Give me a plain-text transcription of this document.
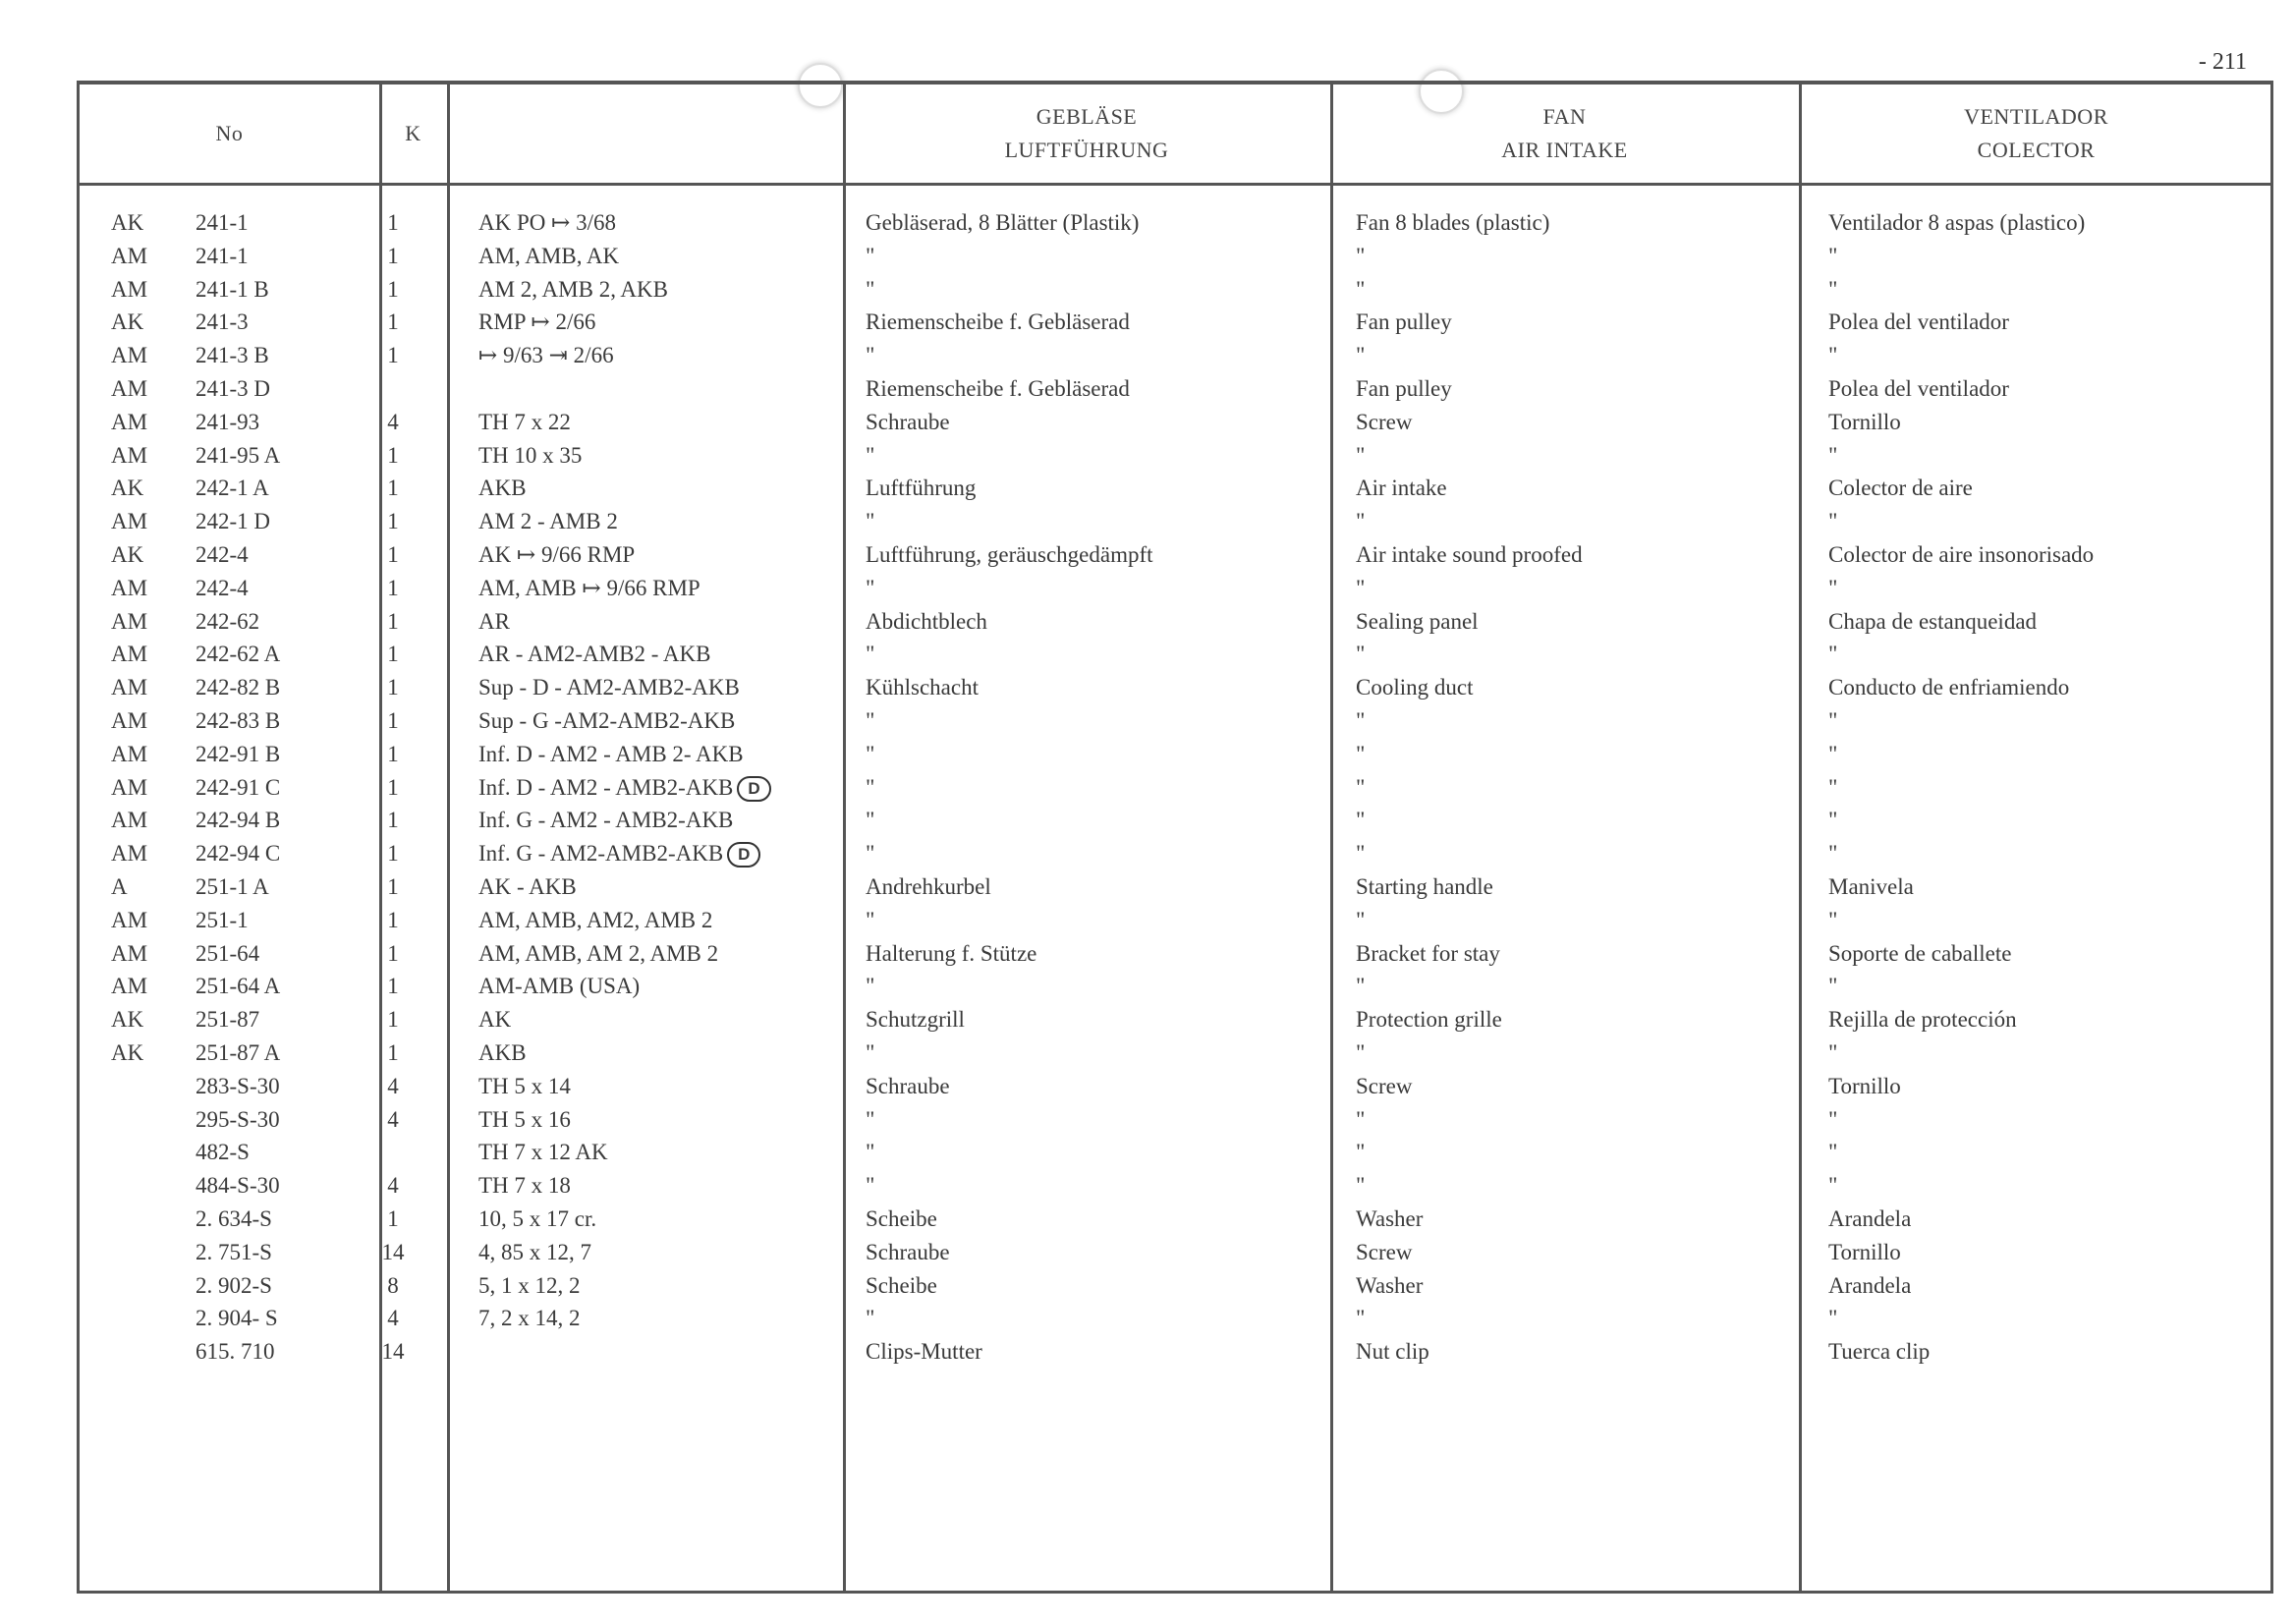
- 211
No	K
GEBLÄSE
LUFTFÜHRUNG
FAN
AIR INTAKE
VENTILADOR
COLECTOR
AK 241-1	1	AK PO ↦ 3/68	Gebläserad, 8 Blätter (Plastik)	Fan 8 blades (plastic)	Ventilador 8 aspas (plastico)
AM 241-1	1	AM, AMB, AK	"	"	"
AM 241-1 B	1	AM 2, AMB 2, AKB	"	"	"
AK 241-3	1	RMP ↦ 2/66	Riemenscheibe f. Gebläserad	Fan pulley	Polea del ventilador
AM 241-3 B	1	↦ 9/63 ⇥ 2/66	"	"	"
AM 241-3 D	Riemenscheibe f. Gebläserad	Fan pulley	Polea del ventilador
AM 241-93	4	TH 7 x 22	Schraube	Screw	Tornillo
AM 241-95 A	1	TH 10 x 35	"	"	"
AK 242-1 A	1	AKB	Luftführung	Air intake	Colector de aire
AM 242-1 D	1	AM 2 - AMB 2	"	"	"
AK 242-4	1	AK ↦ 9/66 RMP	Luftführung, geräuschgedämpft	Air intake sound proofed	Colector de aire insonorisado
AM 242-4	1	AM, AMB ↦ 9/66 RMP	"	"	"
AM 242-62	1	AR	Abdichtblech	Sealing panel	Chapa de estanqueidad
AM 242-62 A	1	AR - AM2-AMB2 - AKB	"	"	"
AM 242-82 B	1	Sup - D - AM2-AMB2-AKB	Kühlschacht	Cooling duct	Conducto de enfriamiendo
AM 242-83 B	1	Sup - G -AM2-AMB2-AKB	"	"	"
AM 242-91 B	1	Inf. D - AM2 - AMB 2- AKB	"	"	"
AM 242-91 C	1	Inf. D - AM2 - AMB2-AKB D	"	"	"
AM 242-94 B	1	Inf. G - AM2 - AMB2-AKB	"	"	"
AM 242-94 C	1	Inf. G - AM2-AMB2-AKB D	"	"	"
A	251-1 A	1	AK - AKB	Andrehkurbel	Starting handle	Manivela
AM 251-1	1	AM, AMB, AM2, AMB 2	"	"	"
AM 251-64	1	AM, AMB, AM 2, AMB 2	Halterung f. Stütze	Bracket for stay	Soporte de caballete
AM 251-64 A	1	AM-AMB (USA)	"	"	"
AK 251-87	1	AK	Schutzgrill	Protection grille	Rejilla de protección
AK 251-87 A	1	AKB	"	"	"
283-S-30	4	TH 5 x 14	Schraube	Screw	Tornillo
295-S-30	4	TH 5 x 16	"	"	"
482-S	TH 7 x 12 AK	"	"	"
484-S-30	4	TH 7 x 18	"	"	"
2. 634-S	1	10, 5 x 17 cr.	Scheibe	Washer	Arandela
2. 751-S	14	4, 85 x 12, 7	Schraube	Screw	Tornillo
2. 902-S	8	5, 1 x 12, 2	Scheibe	Washer	Arandela
2. 904- S	4	7, 2 x 14, 2	"	"	"
615. 710	14	Clips-Mutter	Nut clip	Tuerca clip
